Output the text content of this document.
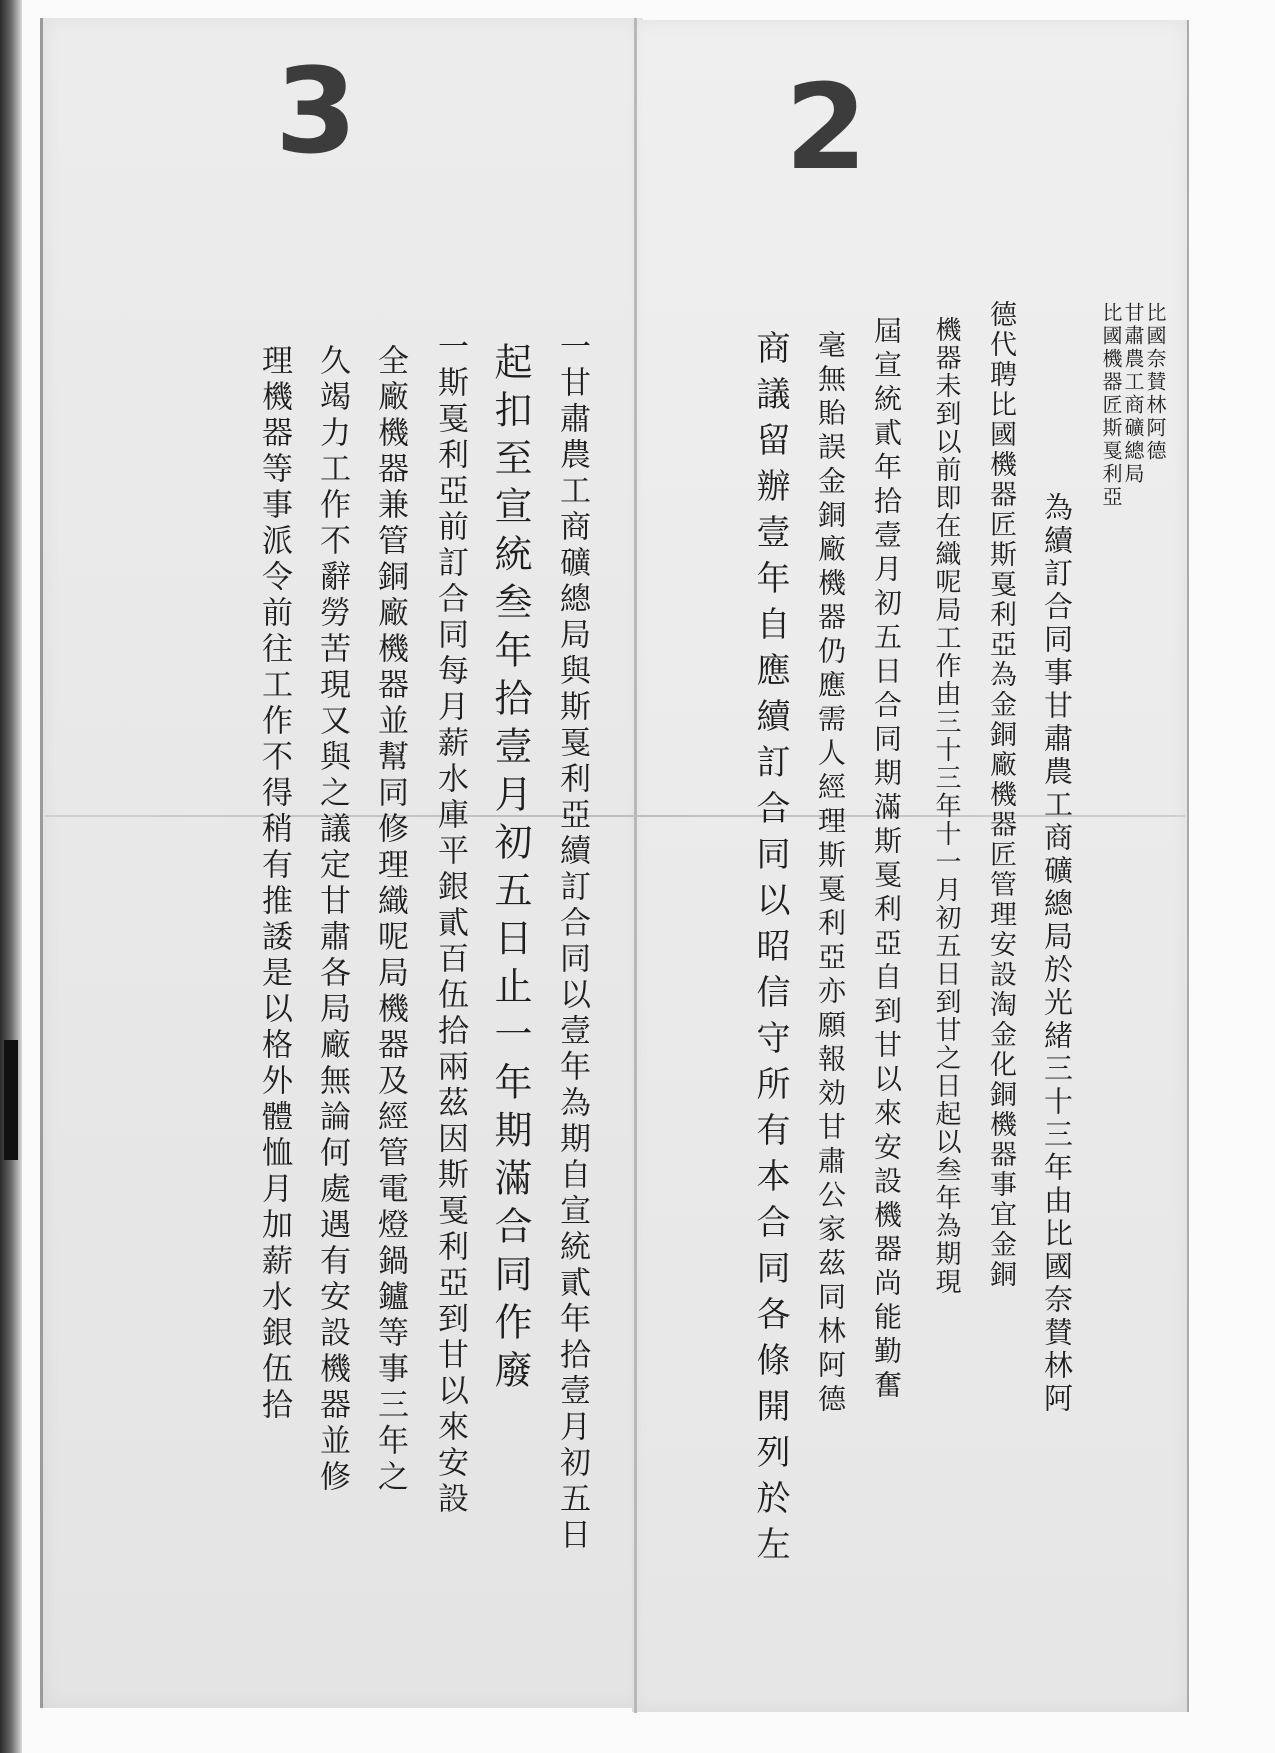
3	2
比國奈賛林阿德
甘肅農工商礦總局
比國機器匠斯戛利亞
為續訂合同事甘肅農工商礦總局於光緒三十三年由比國奈賛林阿
德代聘比國機器匠斯戛利亞為金銅廠機器匠管理安設淘金化銅機器事宜金銅
機器未到以前即在織呢局工作由三十三年十一月初五日到甘之日起以叁年為期現
屆宣統貳年拾壹月初五日合同期滿斯戛利亞自到甘以來安設機器尚能勤奮
毫無貽誤金銅廠機器仍應需人經理斯戛利亞亦願報効甘肅公家茲同林阿德
商議留辦壹年自應續訂合同以昭信守所有本合同各條開列於左
一甘肅農工商礦總局與斯戛利亞續訂合同以壹年為期自宣統貳年拾壹月初五日
起扣至宣統叁年拾壹月初五日止一年期滿合同作廢
一斯戛利亞前訂合同每月薪水庫平銀貳百伍拾兩茲因斯戛利亞到甘以來安設
全廠機器兼管銅廠機器並幫同修理織呢局機器及經管電燈鍋鑪等事三年之
久竭力工作不辭勞苦現又與之議定甘肅各局廠無論何處遇有安設機器並修
理機器等事派令前往工作不得稍有推諉是以格外體恤月加薪水銀伍拾
